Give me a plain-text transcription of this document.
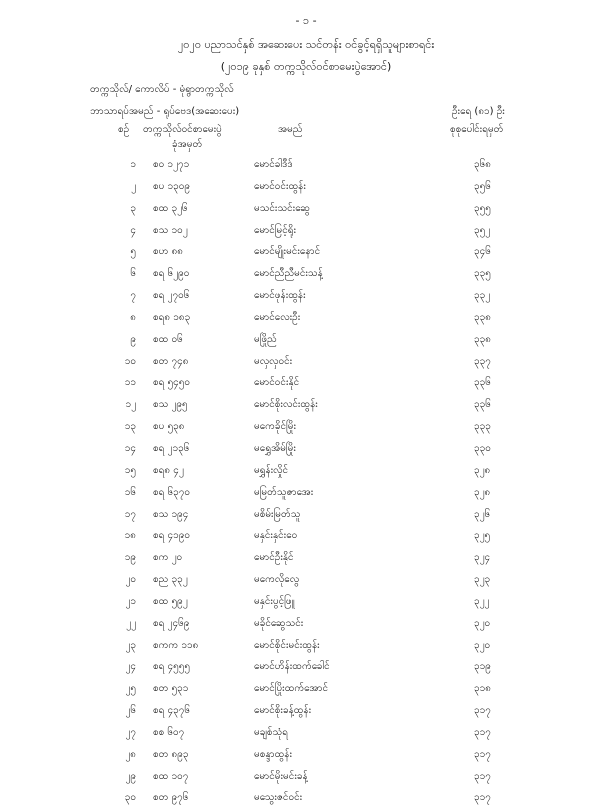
- ၁ -
၂၀၂၀ ပညာသင်နှစ် အဆေးပေး သင်တန်း ဝင်ခွင့်ရရှိသူများစာရင်း
(၂၀၁၉ ခုနှစ် တက္ကသိုလ်ဝင်စာမေးပွဲအောင်)
တက္ကသိုလ်/ ကောလိပ် - မုံရွာတက္ကသိုလ်
ဘာသာရပ်အမည် - ရုပ်ဗေဒ(အဆေးပေး)	ဦးရေ (၈၁) ဦး
စဉ် တက္ကသိုလ်ဝင်စာမေးပွဲ
ခုံအမှတ်
အမည်	စုစုပေါင်းရမှတ်
၁ စဝ ၁၂၇၁	မောင်ခါဒီဒ်	၃၆၈
၂ စပ ၁၃၀၉	မောင်ဝင်းထွန်း	၃၅၆
၃ စထ ၃၂၆	မသင်းသင်းဆွေ	၃၅၅
၄ စသ ၁၀၂	မောင်မြင့်ရိုး	၃၅၂
၅ စဟ ၈၈	မောင်မျိုးမင်းနောင်	၃၄၆
၆ စရ ၆၂၉၀	မောင်ညီညီမင်းသန့်	၃၃၅
၇ စရ ၂၇၀၆	မောင်ဖုန်းထွန်း	၃၃၂
၈ စရ၈ ၁၈၃	မောင်လေးဦး	၃၃၈
၉ စထ ၀၆	မဖြိုည်	၃၃၈
၁၀ စတ ၇၄၈	မလှလှဝင်း	၃၃၇
၁၁ စရ ၅၄၅၀	မောင်ဝင်းနိုင်	၃၃၆
၁၂ စသ ၂၉၅	မောင်စိုးလင်းထွန်း	၃၃၆
၁၃ စပ ၅၃၈	မကေခိုင်မြိုး	၃၃၃
၁၄ စရ ၂၁၃၆	မရွှေအိမ်မြိုး	၃၃၀
၁၅ စရ၈ ၄၂	မရွှန်းလှိုင်	၃၂၈
၁၆ စရ ၆၃၇၀	မမြတ်သူဇာအေး	၃၂၈
၁၇ စသ ၁၉၄	မစိမ်းမြတ်သူ	၃၂၆
၁၈ စရ ၄၁၉၀	မနှင်းနှင်းဝေ	၃၂၅
၁၉ စက ၂၀	မောင်ဦးနိုင်	၃၂၄
၂၀ စည ၃၃၂	မကေလိုလွေ	၃၂၃
၂၁ စထ ၅၉၂	မနှင်းပွင့်ဖြူ	၃၂၂
၂၂ စရ ၂၄၆၉	မခိုင်ဆွေသင်း	၃၂၀
၂၃ စကက ၁၁၈	မောင်စိုင်းမင်းထွန်း	၃၂၀
၂၄ စရ ၄၅၅၅	မောင်ဟိန်းထက်ခေါင်	၃၁၉
၂၅ စတ ၅၃၁	မောင်ပြိုးထက်အောင်	၃၁၈
၂၆ စရ ၄၃၇၆	မောင်စိုးခန့်ထွန်း	၃၁၇
၂၇ စစ ၆၀၇	မချစ်သုံရ	၃၁၇
၂၈ စတ ၈၉၃	မစန္ဒာထွန်း	၃၁၇
၂၉ စထ ၁၀၇	မောင်မိုးမင်းခန့်	၃၁၇
၃၀ စတ ၉၇၆	မသွေးဇင်ဝင်း	၃၁၇
